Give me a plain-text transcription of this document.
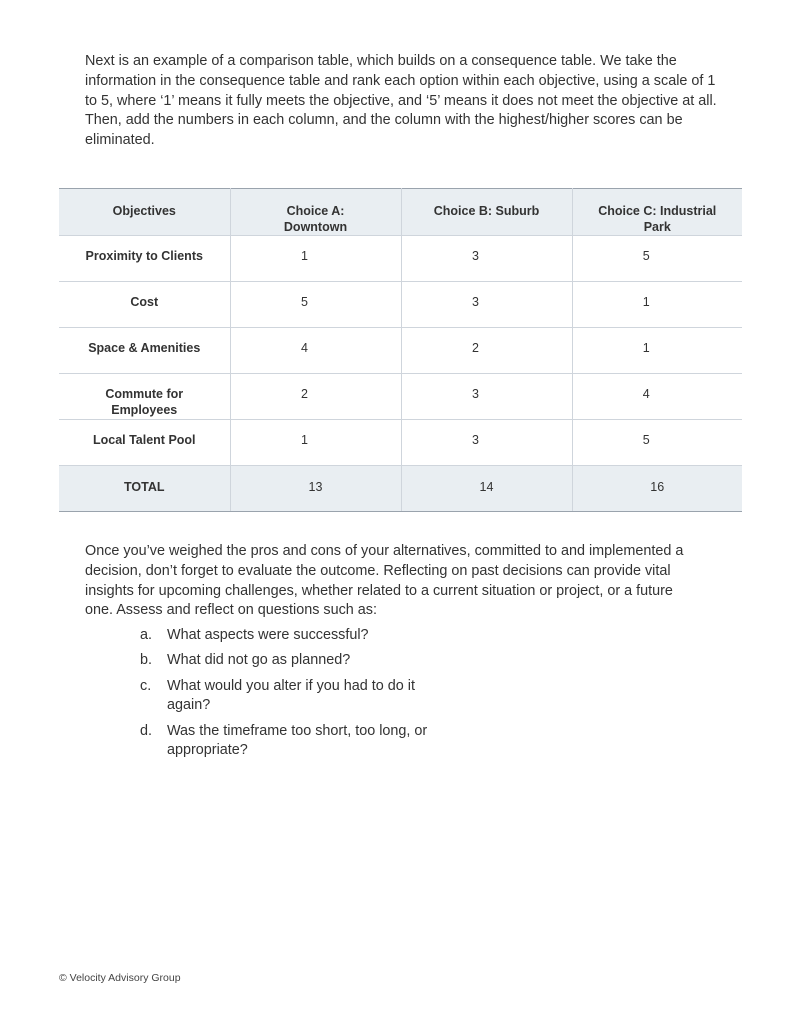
Next is an example of a comparison table, which builds on a consequence table. We take the information in the consequence table and rank each option within each objective, using a scale of 1 to 5, where ‘1’ means it fully meets the objective, and ‘5’ means it does not meet the objective at all. Then, add the numbers in each column, and the column with the highest/higher scores can be eliminated.

Objectives	Choice A: Downtown	Choice B: Suburb	Choice C: Industrial Park
Proximity to Clients	1	3	5
Cost	5	3	1
Space & Amenities	4	2	1
Commute for Employees	2	3	4
Local Talent Pool	1	3	5
TOTAL	13	14	16

Once you’ve weighed the pros and cons of your alternatives, committed to and implemented a decision, don’t forget to evaluate the outcome. Reflecting on past decisions can provide vital insights for upcoming challenges, whether related to a current situation or project, or a future one. Assess and reflect on questions such as:

a. What aspects were successful?
b. What did not go as planned?
c. What would you alter if you had to do it again?
d. Was the timeframe too short, too long, or appropriate?

© Velocity Advisory Group
